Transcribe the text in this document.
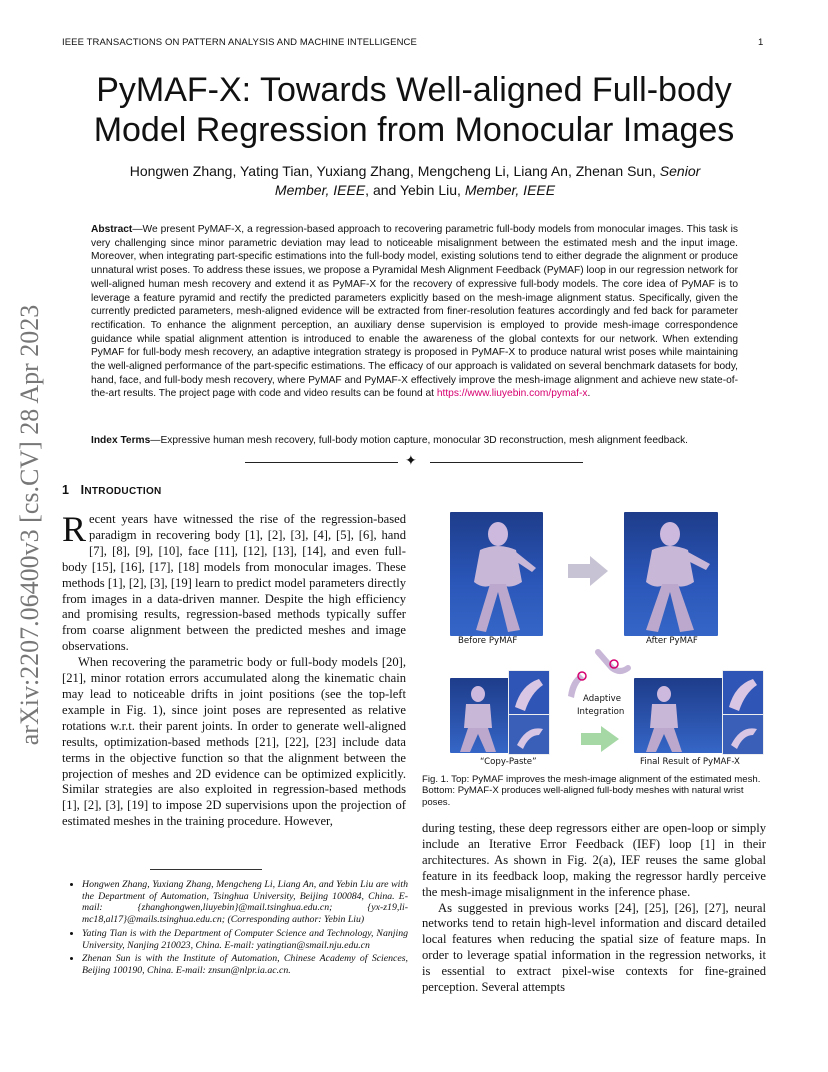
IEEE TRANSACTIONS ON PATTERN ANALYSIS AND MACHINE INTELLIGENCE	1
arXiv:2207.06400v3 [cs.CV] 28 Apr 2023
PyMAF-X: Towards Well-aligned Full-body
Model Regression from Monocular Images
Hongwen Zhang, Yating Tian, Yuxiang Zhang, Mengcheng Li, Liang An, Zhenan Sun, Senior
Member, IEEE, and Yebin Liu, Member, IEEE
Abstract—We present PyMAF-X, a regression-based approach to recovering parametric full-body models from monocular images. This task is very challenging since minor parametric deviation may lead to noticeable misalignment between the estimated mesh and the input image. Moreover, when integrating part-specific estimations into the full-body model, existing solutions tend to either degrade the alignment or produce unnatural wrist poses. To address these issues, we propose a Pyramidal Mesh Alignment Feedback (PyMAF) loop in our regression network for well-aligned human mesh recovery and extend it as PyMAF-X for the recovery of expressive full-body models. The core idea of PyMAF is to leverage a feature pyramid and rectify the predicted parameters explicitly based on the mesh-image alignment status. Specifically, given the currently predicted parameters, mesh-aligned evidence will be extracted from finer-resolution features accordingly and fed back for parameter rectification. To enhance the alignment perception, an auxiliary dense supervision is employed to provide mesh-image correspondence guidance while spatial alignment attention is introduced to enable the awareness of the global contexts for our network. When extending PyMAF for full-body mesh recovery, an adaptive integration strategy is proposed in PyMAF-X to produce natural wrist poses while maintaining the well-aligned performance of the part-specific estimations. The efficacy of our approach is validated on several benchmark datasets for body, hand, face, and full-body mesh recovery, where PyMAF and PyMAF-X effectively improve the mesh-image alignment and achieve new state-of-the-art results. The project page with code and video results can be found at https://www.liuyebin.com/pymaf-x.
Index Terms—Expressive human mesh recovery, full-body motion capture, monocular 3D reconstruction, mesh alignment feedback.
✦
1 INTRODUCTION

Recent years have witnessed the rise of the regression-based paradigm in recovering body [1], [2], [3], [4], [5], [6], hand [7], [8], [9], [10], face [11], [12], [13], [14], and even full-body [15], [16], [17], [18] models from monocular images. These methods [1], [2], [3], [19] learn to predict model parameters directly from images in a data-driven manner. Despite the high efficiency and promising results, regression-based methods typically suffer from coarse alignment between the predicted meshes and image observations.

When recovering the parametric body or full-body models [20], [21], minor rotation errors accumulated along the kinematic chain may lead to noticeable drifts in joint positions (see the top-left example in Fig. 1), since joint poses are represented as relative rotations w.r.t. their parent joints. In order to generate well-aligned results, optimization-based methods [21], [22], [23] include data terms in the objective function so that the alignment between the projection of meshes and 2D evidence can be optimized explicitly. Similar strategies are also exploited in regression-based methods [1], [2], [3], [19] to impose 2D supervisions upon the projection of estimated meshes in the training procedure. However,

• Hongwen Zhang, Yuxiang Zhang, Mengcheng Li, Liang An, and Yebin Liu are with the Department of Automation, Tsinghua University, Beijing 100084, China. E-mail: {zhanghongwen,liuyebin}@mail.tsinghua.edu.cn; {yx-z19,li-mc18,al17}@mails.tsinghua.edu.cn; (Corresponding author: Yebin Liu)
• Yating Tian is with the Department of Computer Science and Technology, Nanjing University, Nanjing 210023, China. E-mail: yatingtian@smail.nju.edu.cn
• Zhenan Sun is with the Institute of Automation, Chinese Academy of Sciences, Beijing 100190, China. E-mail: znsun@nlpr.ia.ac.cn.
Before PyMAF	After PyMAF
Adaptive
Integration
“Copy-Paste”	Final Result of PyMAF-X
Fig. 1. Top: PyMAF improves the mesh-image alignment of the estimated mesh. Bottom: PyMAF-X produces well-aligned full-body meshes with natural wrist poses.

during testing, these deep regressors either are open-loop or simply include an Iterative Error Feedback (IEF) loop [1] in their architectures. As shown in Fig. 2(a), IEF reuses the same global feature in its feedback loop, making the regressor hardly perceive the mesh-image misalignment in the inference phase.

As suggested in previous works [24], [25], [26], [27], neural networks tend to retain high-level information and discard detailed local features when reducing the spatial size of feature maps. In order to leverage spatial information in the regression networks, it is essential to extract pixel-wise contexts for fine-grained perception. Several attempts
